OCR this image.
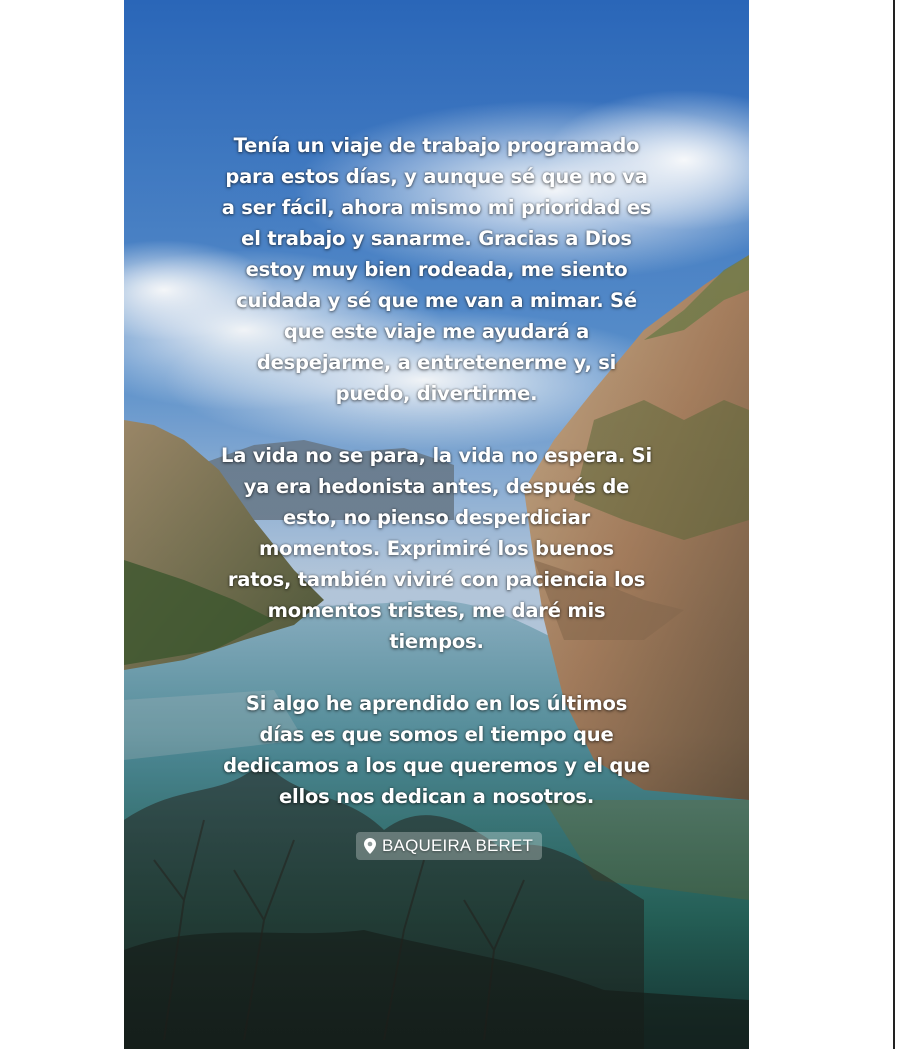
Tenía un viaje de trabajo programado
para estos días, y aunque sé que no va
a ser fácil, ahora mismo mi prioridad es
el trabajo y sanarme. Gracias a Dios
estoy muy bien rodeada, me siento
cuidada y sé que me van a mimar. Sé
que este viaje me ayudará a
despejarme, a entretenerme y, si
puedo, divertirme.

La vida no se para, la vida no espera. Si
ya era hedonista antes, después de
esto, no pienso desperdiciar
momentos. Exprimiré los buenos
ratos, también viviré con paciencia los
momentos tristes, me daré mis
tiempos.

Si algo he aprendido en los últimos
días es que somos el tiempo que
dedicamos a los que queremos y el que
ellos nos dedican a nosotros.

BAQUEIRA BERET
